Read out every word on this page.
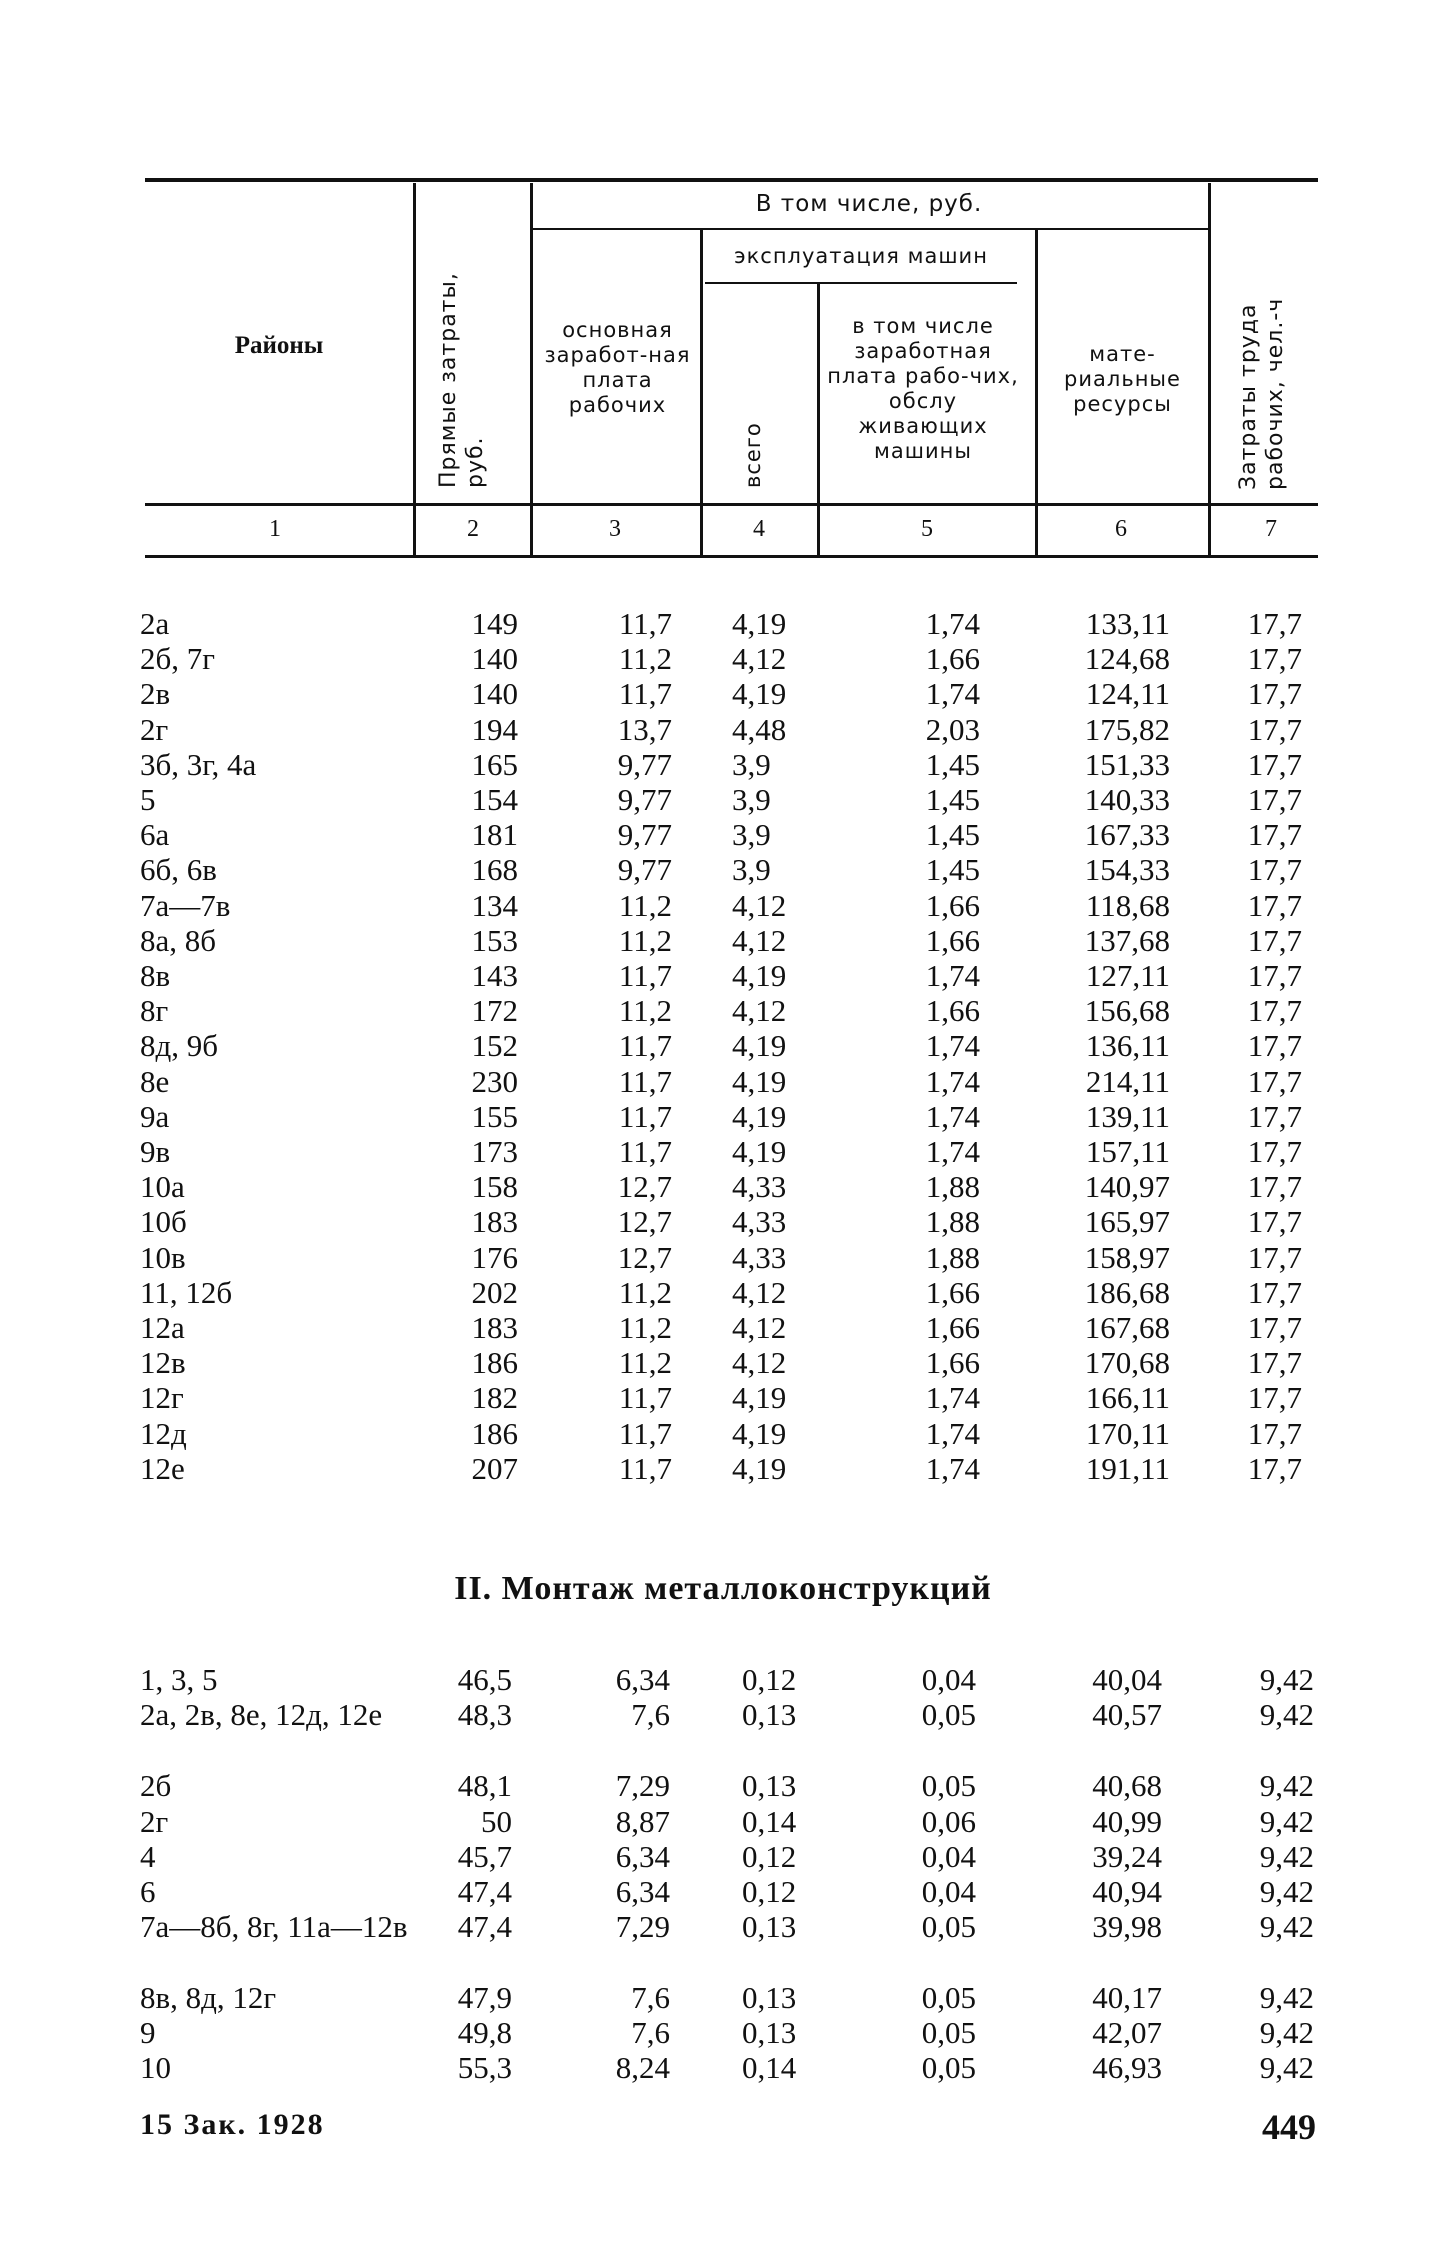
Районы	Прямые затраты, руб.
В том числе, руб.
основная заработ-ная плата рабочих
эксплуатация машин
всего
в том числе заработная плата рабо-чих, обслу живающих машины
мате-риальные ресурсы	Затраты труда рабочих, чел.-ч
1	2	3	4	5	6	7
2а	149	11,7 4,19	1,74	133,11	17,7
2б, 7г	140	11,2 4,12	1,66	124,68	17,7
2в	140	11,7 4,19	1,74	124,11	17,7
2г	194	13,7 4,48	2,03	175,82	17,7
3б, 3г, 4а	165	9,77 3,9	1,45	151,33	17,7
5	154	9,77 3,9	1,45	140,33	17,7
6а	181	9,77 3,9	1,45	167,33	17,7
6б, 6в	168	9,77 3,9	1,45	154,33	17,7
7а—7в	134	11,2 4,12	1,66	118,68	17,7
8а, 8б	153	11,2 4,12	1,66	137,68	17,7
8в	143	11,7 4,19	1,74	127,11	17,7
8г	172	11,2 4,12	1,66	156,68	17,7
8д, 9б	152	11,7 4,19	1,74	136,11	17,7
8е	230	11,7 4,19	1,74	214,11	17,7
9а	155	11,7 4,19	1,74	139,11	17,7
9в	173	11,7 4,19	1,74	157,11	17,7
10а	158	12,7 4,33	1,88	140,97	17,7
10б	183	12,7 4,33	1,88	165,97	17,7
10в	176	12,7 4,33	1,88	158,97	17,7
11, 12б	202	11,2 4,12	1,66	186,68	17,7
12а	183	11,2 4,12	1,66	167,68	17,7
12в	186	11,2 4,12	1,66	170,68	17,7
12г	182	11,7 4,19	1,74	166,11	17,7
12д	186	11,7 4,19	1,74	170,11	17,7
12е	207	11,7 4,19	1,74	191,11	17,7
II. Монтаж металлоконструкций
1, 3, 5	46,5	6,34 0,12	0,04	40,04	9,42
2а, 2в, 8е, 12д, 12е	48,3	7,6 0,13	0,05	40,57	9,42
2б	48,1	7,29 0,13	0,05	40,68	9,42
2г	50	8,87 0,14	0,06	40,99	9,42
4	45,7	6,34 0,12	0,04	39,24	9,42
6	47,4	6,34 0,12	0,04	40,94	9,42
7а—8б, 8г, 11а—12в	47,4	7,29 0,13	0,05	39,98	9,42
8в, 8д, 12г	47,9	7,6 0,13	0,05	40,17	9,42
9	49,8	7,6 0,13	0,05	42,07	9,42
10	55,3	8,24 0,14	0,05	46,93	9,42
15 Зак. 1928	449
